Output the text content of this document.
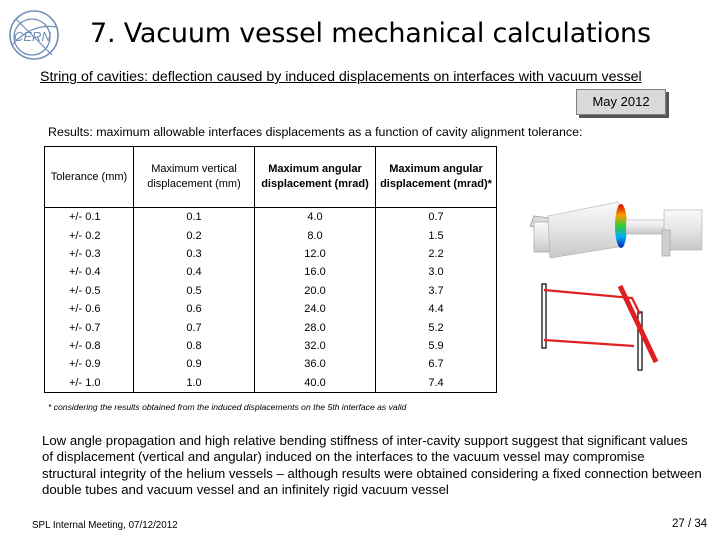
CERN 7. Vacuum vessel mechanical calculations
String of cavities: deflection caused by induced displacements on interfaces with vacuum vessel
May 2012
Results: maximum allowable interfaces displacements as a function of cavity alignment tolerance:
Tolerance (mm)	Maximum vertical displacement (mm)	Maximum angular displacement (mrad)	Maximum angular displacement (mrad)*
+/- 0.1	0.1	4.0	0.7
+/- 0.2	0.2	8.0	1.5
+/- 0.3	0.3	12.0	2.2
+/- 0.4	0.4	16.0	3.0
+/- 0.5	0.5	20.0	3.7
+/- 0.6	0.6	24.0	4.4
+/- 0.7	0.7	28.0	5.2
+/- 0.8	0.8	32.0	5.9
+/- 0.9	0.9	36.0	6.7
+/- 1.0	1.0	40.0	7.4
* considering the results obtained from the induced displacements on the 5th interface as valid
Low angle propagation and high relative bending stiffness of inter-cavity support suggest that significant values of displacement (vertical and angular) induced on the interfaces to the vacuum vessel may compromise structural integrity of the helium vessels – although results were obtained considering a fixed connection between double tubes and vacuum vessel and an infinitely rigid vacuum vessel
SPL Internal Meeting, 07/12/2012	27 / 34
